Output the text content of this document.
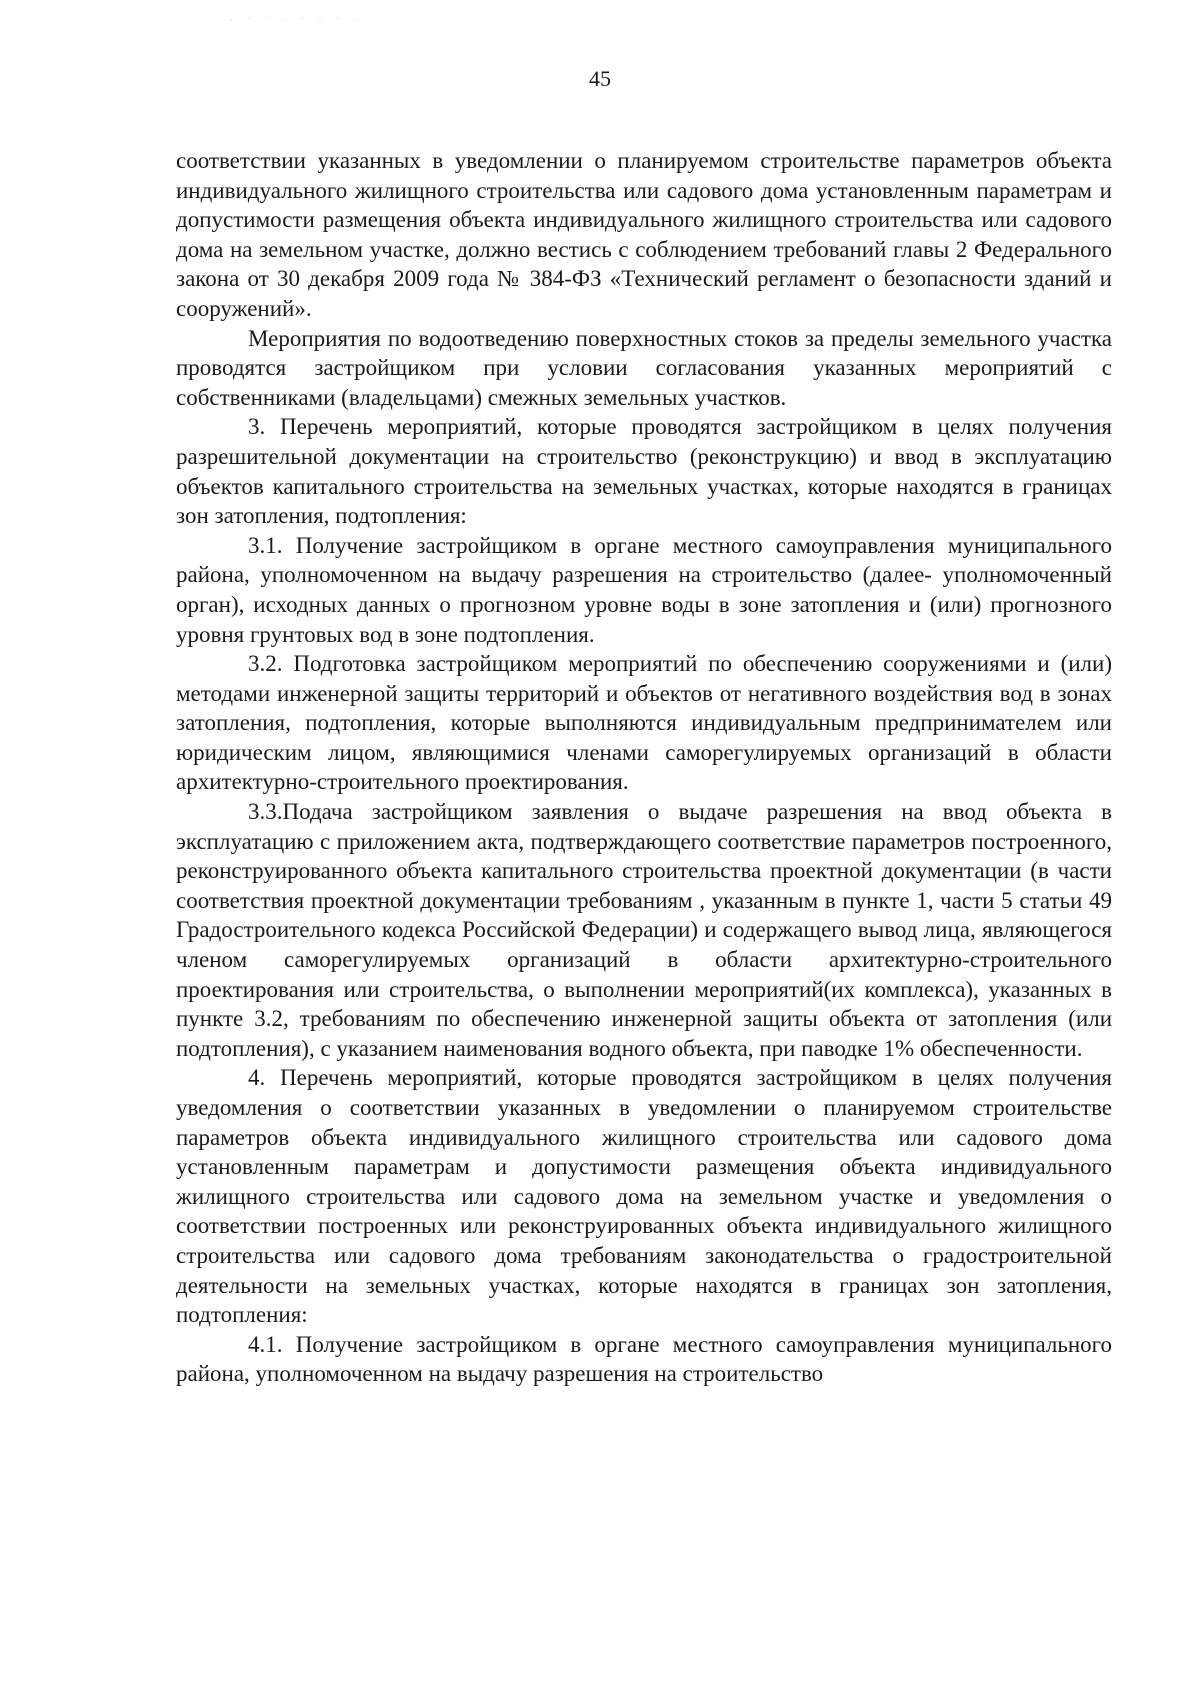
. · · . · . · .
45

соответствии указанных в уведомлении о планируемом строительстве параметров объекта индивидуального жилищного строительства или садового дома установленным параметрам и допустимости размещения объекта индивидуального жилищного строительства или садового дома на земельном участке, должно вестись с соблюдением требований главы 2 Федерального закона от 30 декабря 2009 года № 384-ФЗ «Технический регламент о безопасности зданий и сооружений».

Мероприятия по водоотведению поверхностных стоков за пределы земельного участка проводятся застройщиком при условии согласования указанных мероприятий с собственниками (владельцами) смежных земельных участков.

3. Перечень мероприятий, которые проводятся застройщиком в целях получения разрешительной документации на строительство (реконструкцию) и ввод в эксплуатацию объектов капитального строительства на земельных участках, которые находятся в границах зон затопления, подтопления:

3.1. Получение застройщиком в органе местного самоуправления муниципального района, уполномоченном на выдачу разрешения на строительство (далее- уполномоченный орган), исходных данных о прогнозном уровне воды в зоне затопления и (или) прогнозного уровня грунтовых вод в зоне подтопления.

3.2. Подготовка застройщиком мероприятий по обеспечению сооружениями и (или) методами инженерной защиты территорий и объектов от негативного воздействия вод в зонах затопления, подтопления, которые выполняются индивидуальным предпринимателем или юридическим лицом, являющимися членами саморегулируемых организаций в области архитектурно-строительного проектирования.

3.3.Подача застройщиком заявления о выдаче разрешения на ввод объекта в эксплуатацию с приложением акта, подтверждающего соответствие параметров построенного, реконструированного объекта капитального строительства проектной документации (в части соответствия проектной документации требованиям , указанным в пункте 1, части 5 статьи 49 Градостроительного кодекса Российской Федерации) и содержащего вывод лица, являющегося членом саморегулируемых организаций в области архитектурно-строительного проектирования или строительства, о выполнении мероприятий(их комплекса), указанных в пункте 3.2, требованиям по обеспечению инженерной защиты объекта от затопления (или подтопления), с указанием наименования водного объекта, при паводке 1% обеспеченности.

4. Перечень мероприятий, которые проводятся застройщиком в целях получения уведомления о соответствии указанных в уведомлении о планируемом строительстве параметров объекта индивидуального жилищного строительства или садового дома установленным параметрам и допустимости размещения объекта индивидуального жилищного строительства или садового дома на земельном участке и уведомления о соответствии построенных или реконструированных объекта индивидуального жилищного строительства или садового дома требованиям законодательства о градостроительной деятельности на земельных участках, которые находятся в границах зон затопления, подтопления:

4.1. Получение застройщиком в органе местного самоуправления муниципального района, уполномоченном на выдачу разрешения на строительство
